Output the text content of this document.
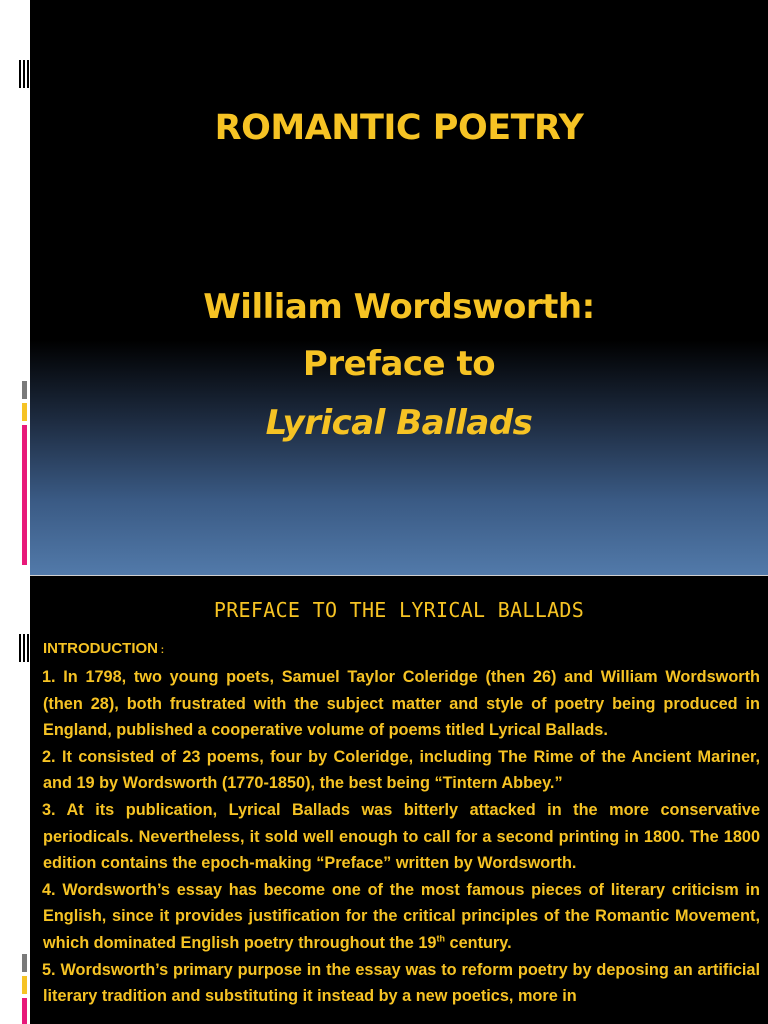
ROMANTIC POETRY
William Wordsworth:
Preface to
Lyrical Ballads
PREFACE TO THE LYRICAL BALLADS
INTRODUCTION :
1. In 1798, two young poets, Samuel Taylor Coleridge (then 26) and William Wordsworth (then 28), both frustrated with the subject matter and style of poetry being produced in England, published a cooperative volume of poems titled Lyrical Ballads.
2. It consisted of 23 poems, four by Coleridge, including The Rime of the Ancient Mariner, and 19 by Wordsworth (1770-1850), the best being “Tintern Abbey.”
3. At its publication, Lyrical Ballads was bitterly attacked in the more conservative periodicals. Nevertheless, it sold well enough to call for a second printing in 1800. The 1800 edition contains the epoch-making “Preface” written by Wordsworth.
4. Wordsworth’s essay has become one of the most famous pieces of literary criticism in English, since it provides justification for the critical principles of the Romantic Movement, which dominated English poetry throughout the 19th century.
5. Wordsworth’s primary purpose in the essay was to reform poetry by deposing an artificial literary tradition and substituting it instead by a new poetics, more in
